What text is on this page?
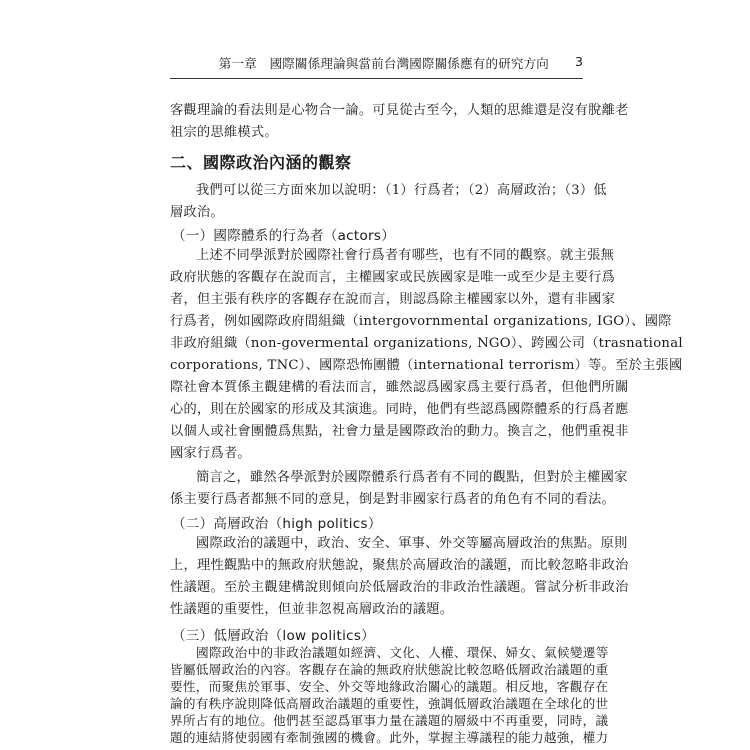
第一章　國際關係理論與當前台灣國際關係應有的研究方向 3
客觀理論的看法則是心物合一論。可見從古至今，人類的思維還是沒有脫離老
祖宗的思維模式。
二、國際政治內涵的觀察
我們可以從三方面來加以說明：（1）行爲者；（2）高層政治；（3）低
層政治。
（一）國際體系的行為者（actors）
上述不同學派對於國際社會行爲者有哪些，也有不同的觀察。就主張無
政府狀態的客觀存在說而言，主權國家或民族國家是唯一或至少是主要行爲
者，但主張有秩序的客觀存在說而言，則認爲除主權國家以外，還有非國家
行爲者，例如國際政府間組織（intergovornmental organizations, IGO）、國際
非政府組織（non-govermental organizations, NGO）、跨國公司（trasnational
corporations, TNC）、國際恐怖團體（international terrorism）等。至於主張國
際社會本質係主觀建構的看法而言，雖然認爲國家爲主要行爲者，但他們所關
心的，則在於國家的形成及其演進。同時，他們有些認爲國際體系的行爲者應
以個人或社會團體爲焦點，社會力量是國際政治的動力。換言之，他們重視非
國家行爲者。
簡言之，雖然各學派對於國際體系行爲者有不同的觀點，但對於主權國家
係主要行爲者都無不同的意見，倒是對非國家行爲者的角色有不同的看法。
（二）高層政治（high politics）
國際政治的議題中，政治、安全、軍事、外交等屬高層政治的焦點。原則
上，理性觀點中的無政府狀態說，聚焦於高層政治的議題，而比較忽略非政治
性議題。至於主觀建構說則傾向於低層政治的非政治性議題。嘗試分析非政治
性議題的重要性，但並非忽視高層政治的議題。
（三）低層政治（low politics）
國際政治中的非政治議題如經濟、文化、人權、環保、婦女、氣候變遷等
皆屬低層政治的內容。客觀存在論的無政府狀態說比較忽略低層政治議題的重
要性，而聚焦於軍事、安全、外交等地緣政治關心的議題。相反地，客觀存在
論的有秩序說則降低高層政治議題的重要性，強調低層政治議題在全球化的世
界所占有的地位。他們甚至認爲軍事力量在議題的層級中不再重要，同時，議
題的連結將使弱國有牽制強國的機會。此外，掌握主導議程的能力越強，權力
